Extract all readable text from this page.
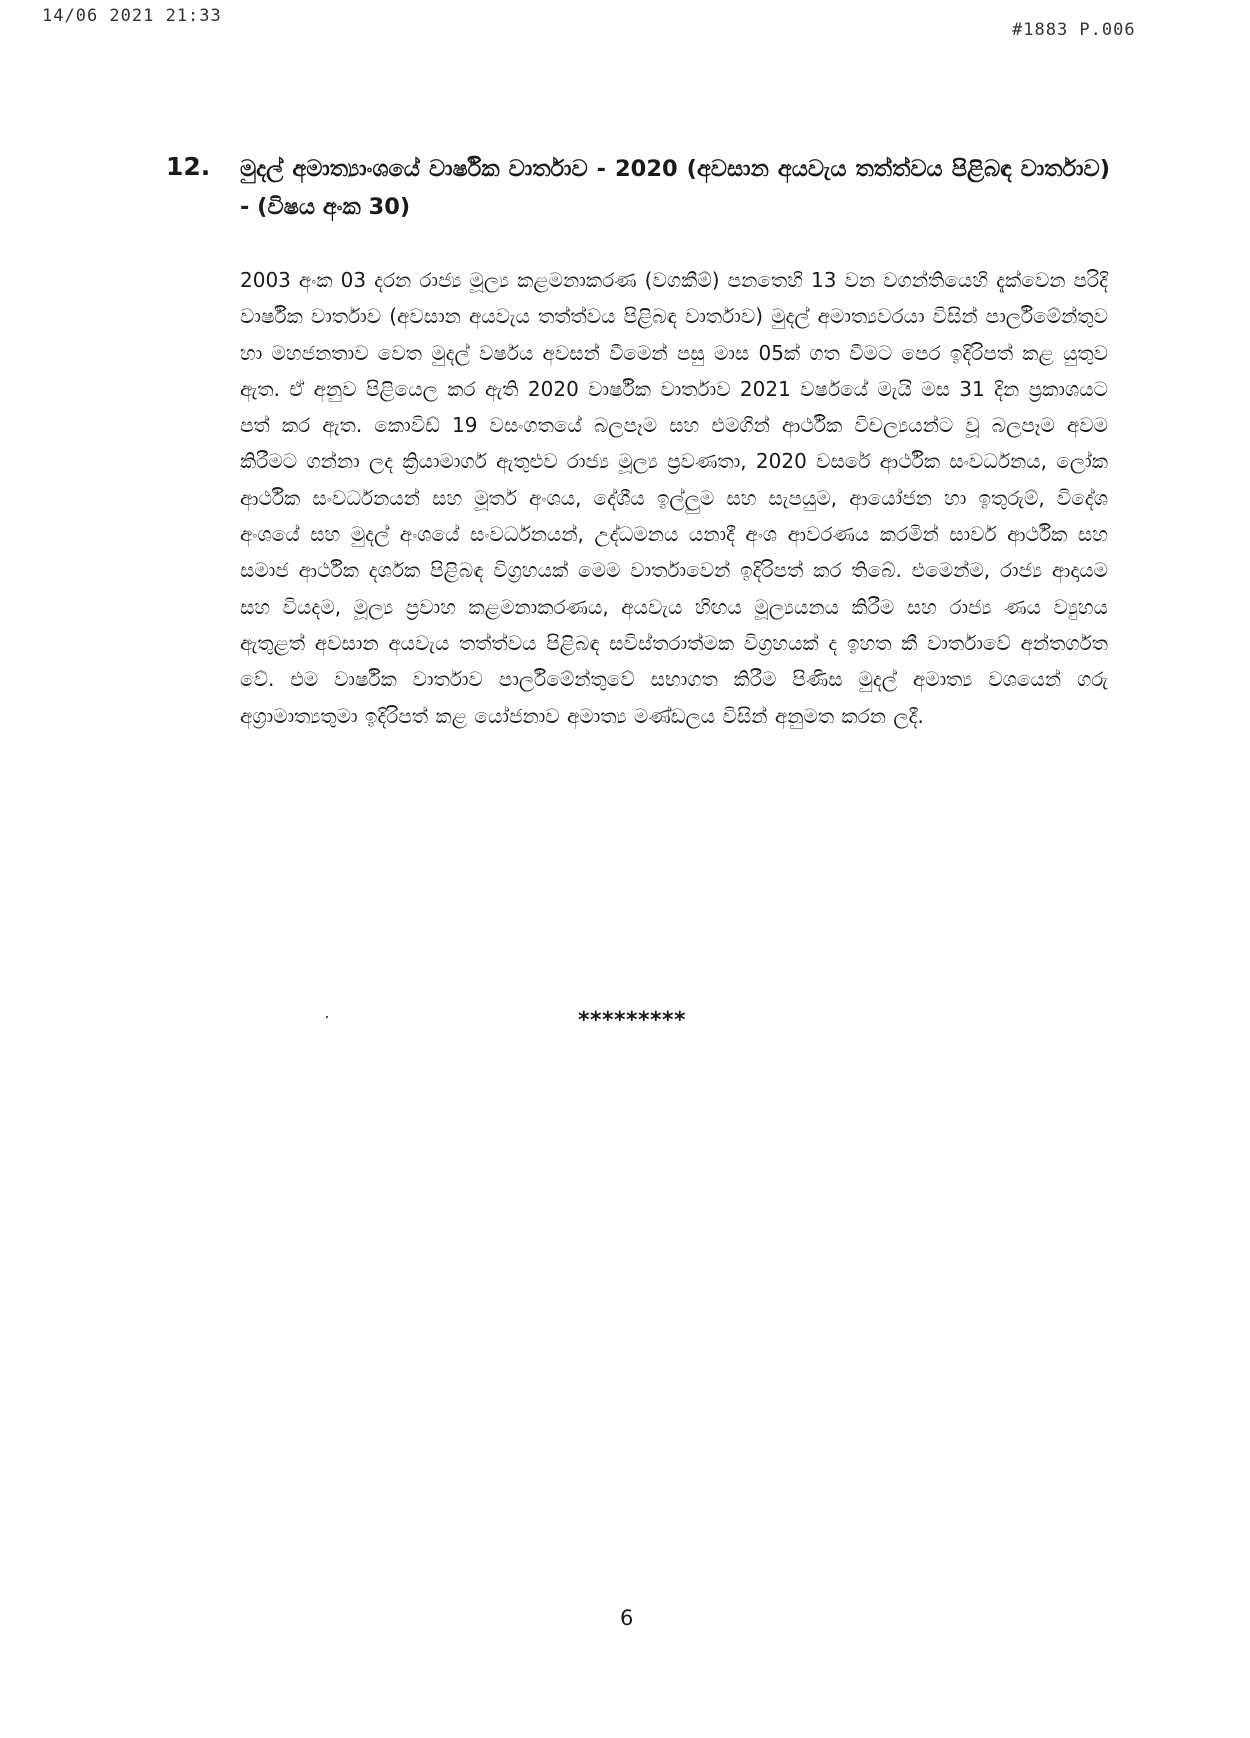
14/06 2021 21:33
#1883 P.006
12. මුදල් අමාත්‍යාංශයේ වාර්ෂික වාර්තාව - 2020 (අවසාන අයවැය තත්ත්වය පිළිබඳ වාර්තාව) - (විෂය අංක 30)
2003 අංක 03 දරන රාජ්‍ය මූල්‍ය කළමනාකරණ (වගකීම්) පනතෙහි 13 වන වගන්තියෙහි දැක්වෙන පරිදි වාර්ෂික වාර්තාව (අවසාන අයවැය තත්ත්වය පිළිබඳ වාර්තාව) මුදල් අමාත්‍යවරයා විසින් පාර්ලිමේන්තුව හා මහජනතාව වෙත මුදල් වර්ෂය අවසන් වීමෙන් පසු මාස 05ක් ගත වීමට පෙර ඉදිරිපත් කළ යුතුව ඇත. ඒ අනුව පිළියෙල කර ඇති 2020 වාර්ෂික වාර්තාව 2021 වර්ෂයේ මැයි මස 31 දින ප්‍රකාශයට පත් කර ඇත. කොවිඩ් 19 වසංගතයේ බලපෑම සහ එමගින් ආර්ථික විචල්‍යයන්ට වූ බලපෑම අවම කිරීමට ගන්නා ලද ක්‍රියාමාර්ග ඇතුළුව රාජ්‍ය මූල්‍ය ප්‍රවණතා, 2020 වසරේ ආර්ථික සංවර්ධනය, ලෝක ආර්ථික සංවර්ධනයන් සහ මූර්ත අංශය, දේශීය ඉල්ලුම සහ සැපයුම, ආයෝජන හා ඉතුරුම්, විදේශ අංශයේ සහ මුදල් අංශයේ සංවර්ධනයන්, උද්ධමනය යනාදී අංශ ආවරණය කරමින් සාර්ව ආර්ථික සහ සමාජ ආර්ථික දර්ශක පිළිබඳ විග්‍රහයක් මෙම වාර්තාවෙන් ඉදිරිපත් කර තිබේ. එමෙන්ම, රාජ්‍ය ආදායම සහ වියදම, මූල්‍ය ප්‍රවාහ කළමනාකරණය, අයවැය හිඟය මූල්‍යයනය කිරීම සහ රාජ්‍ය ණය ව්‍යුහය ඇතුළත් අවසාන අයවැය තත්ත්වය පිළිබඳ සවිස්තරාත්මක විග්‍රහයක් ද ඉහත කී වාර්තාවේ අන්තර්ගත වේ. එම වාර්ෂික වාර්තාව පාර්ලිමේන්තුවේ සභාගත කිරීම පිණිස මුදල් අමාත්‍ය වශයෙන් ගරු අග්‍රාමාත්‍යතුමා ඉදිරිපත් කළ යෝජනාව අමාත්‍ය මණ්ඩලය විසින් අනුමත කරන ලදී.
*********
6
